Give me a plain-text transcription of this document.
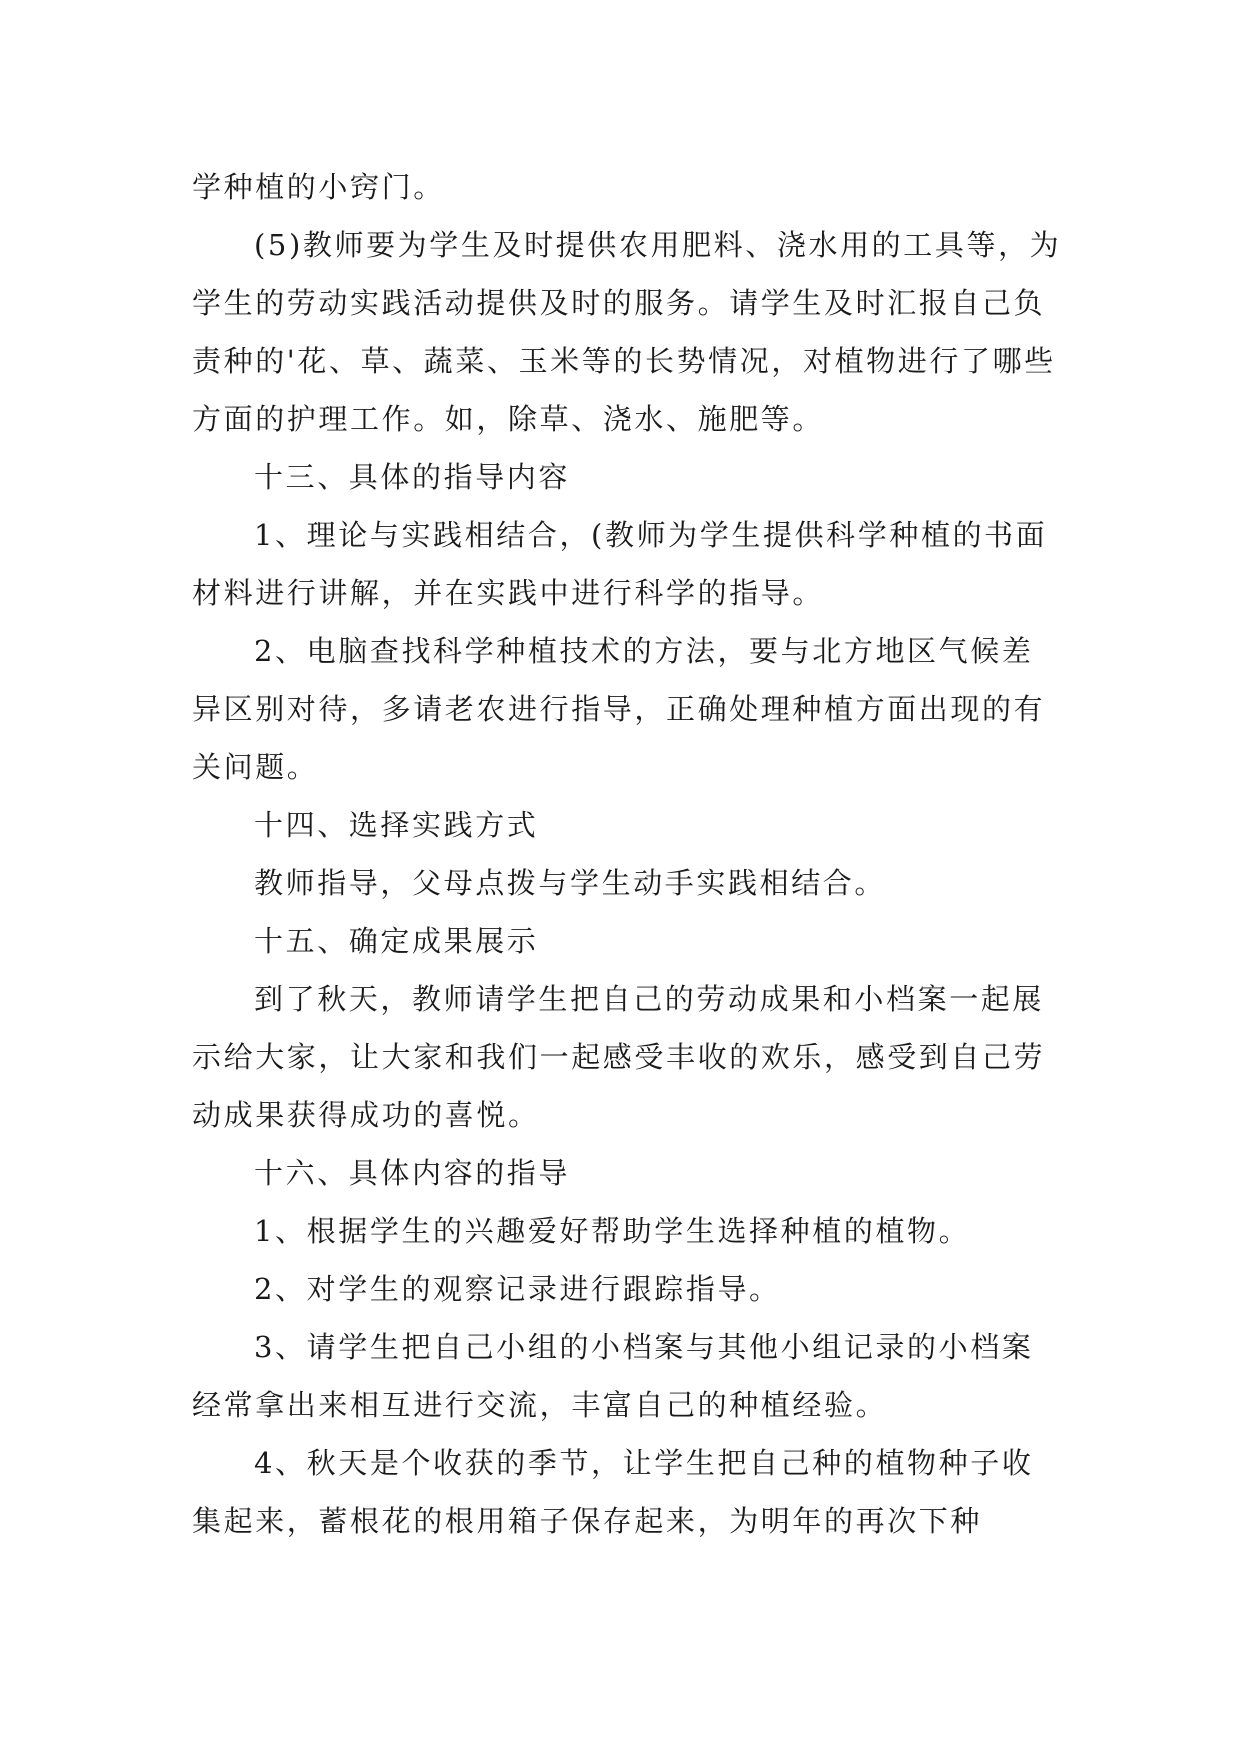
学种植的小窍门。

(5)教师要为学生及时提供农用肥料、浇水用的工具等，为学生的劳动实践活动提供及时的服务。请学生及时汇报自己负责种的'花、草、蔬菜、玉米等的长势情况，对植物进行了哪些方面的护理工作。如，除草、浇水、施肥等。

十三、具体的指导内容

1、理论与实践相结合，(教师为学生提供科学种植的书面材料进行讲解，并在实践中进行科学的指导。

2、电脑查找科学种植技术的方法，要与北方地区气候差异区别对待，多请老农进行指导，正确处理种植方面出现的有关问题。

十四、选择实践方式

教师指导，父母点拨与学生动手实践相结合。

十五、确定成果展示

到了秋天，教师请学生把自己的劳动成果和小档案一起展示给大家，让大家和我们一起感受丰收的欢乐，感受到自己劳动成果获得成功的喜悦。

十六、具体内容的指导

1、根据学生的兴趣爱好帮助学生选择种植的植物。

2、对学生的观察记录进行跟踪指导。

3、请学生把自己小组的小档案与其他小组记录的小档案经常拿出来相互进行交流，丰富自己的种植经验。

4、秋天是个收获的季节，让学生把自己种的植物种子收集起来，蓄根花的根用箱子保存起来，为明年的再次下种
